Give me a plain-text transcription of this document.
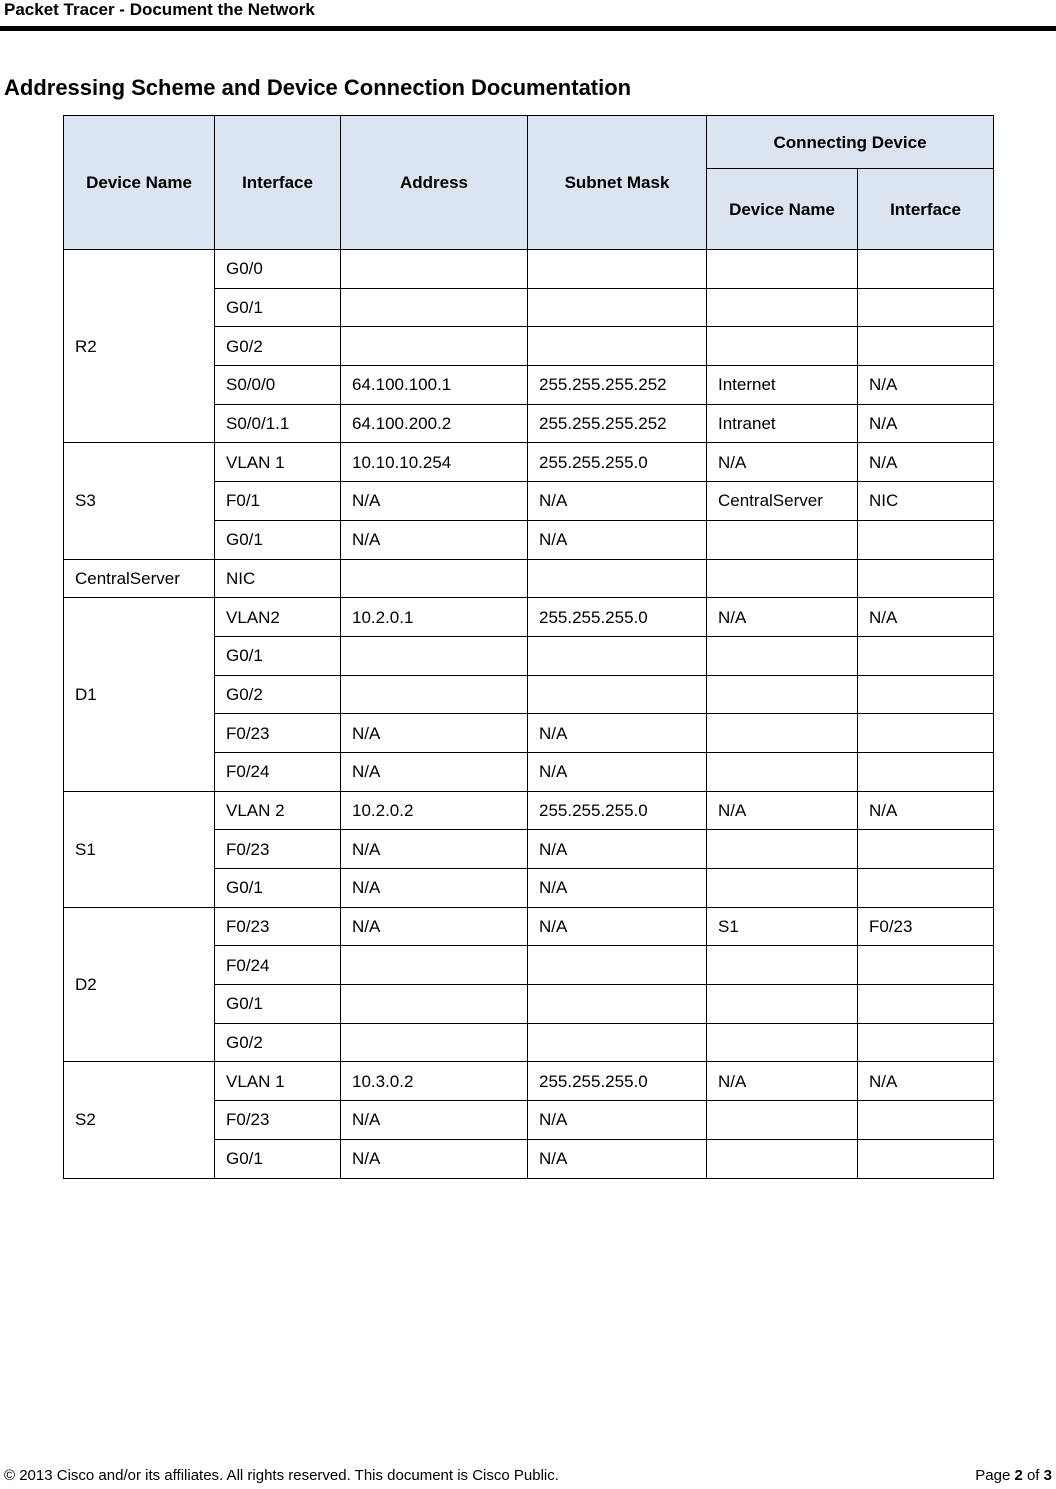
Packet Tracer - Document the Network
Addressing Scheme and Device Connection Documentation
Device Name	Interface	Address	Subnet Mask	Connecting Device	
				Device Name	Interface
R2	G0/0				
	G0/1				
	G0/2				
	S0/0/0	64.100.100.1	255.255.255.252	Internet	N/A
	S0/0/1.1	64.100.200.2	255.255.255.252	Intranet	N/A
S3	VLAN 1	10.10.10.254	255.255.255.0	N/A	N/A
	F0/1	N/A	N/A	CentralServer	NIC
	G0/1	N/A	N/A		
CentralServer	NIC				
D1	VLAN2	10.2.0.1	255.255.255.0	N/A	N/A
	G0/1				
	G0/2				
	F0/23	N/A	N/A		
	F0/24	N/A	N/A		
S1	VLAN 2	10.2.0.2	255.255.255.0	N/A	N/A
	F0/23	N/A	N/A		
	G0/1	N/A	N/A		
D2	F0/23	N/A	N/A	S1	F0/23
	F0/24				
	G0/1				
	G0/2				
S2	VLAN 1	10.3.0.2	255.255.255.0	N/A	N/A
	F0/23	N/A	N/A		
	G0/1	N/A	N/A		
© 2013 Cisco and/or its affiliates. All rights reserved. This document is Cisco Public.	Page 2 of 3
